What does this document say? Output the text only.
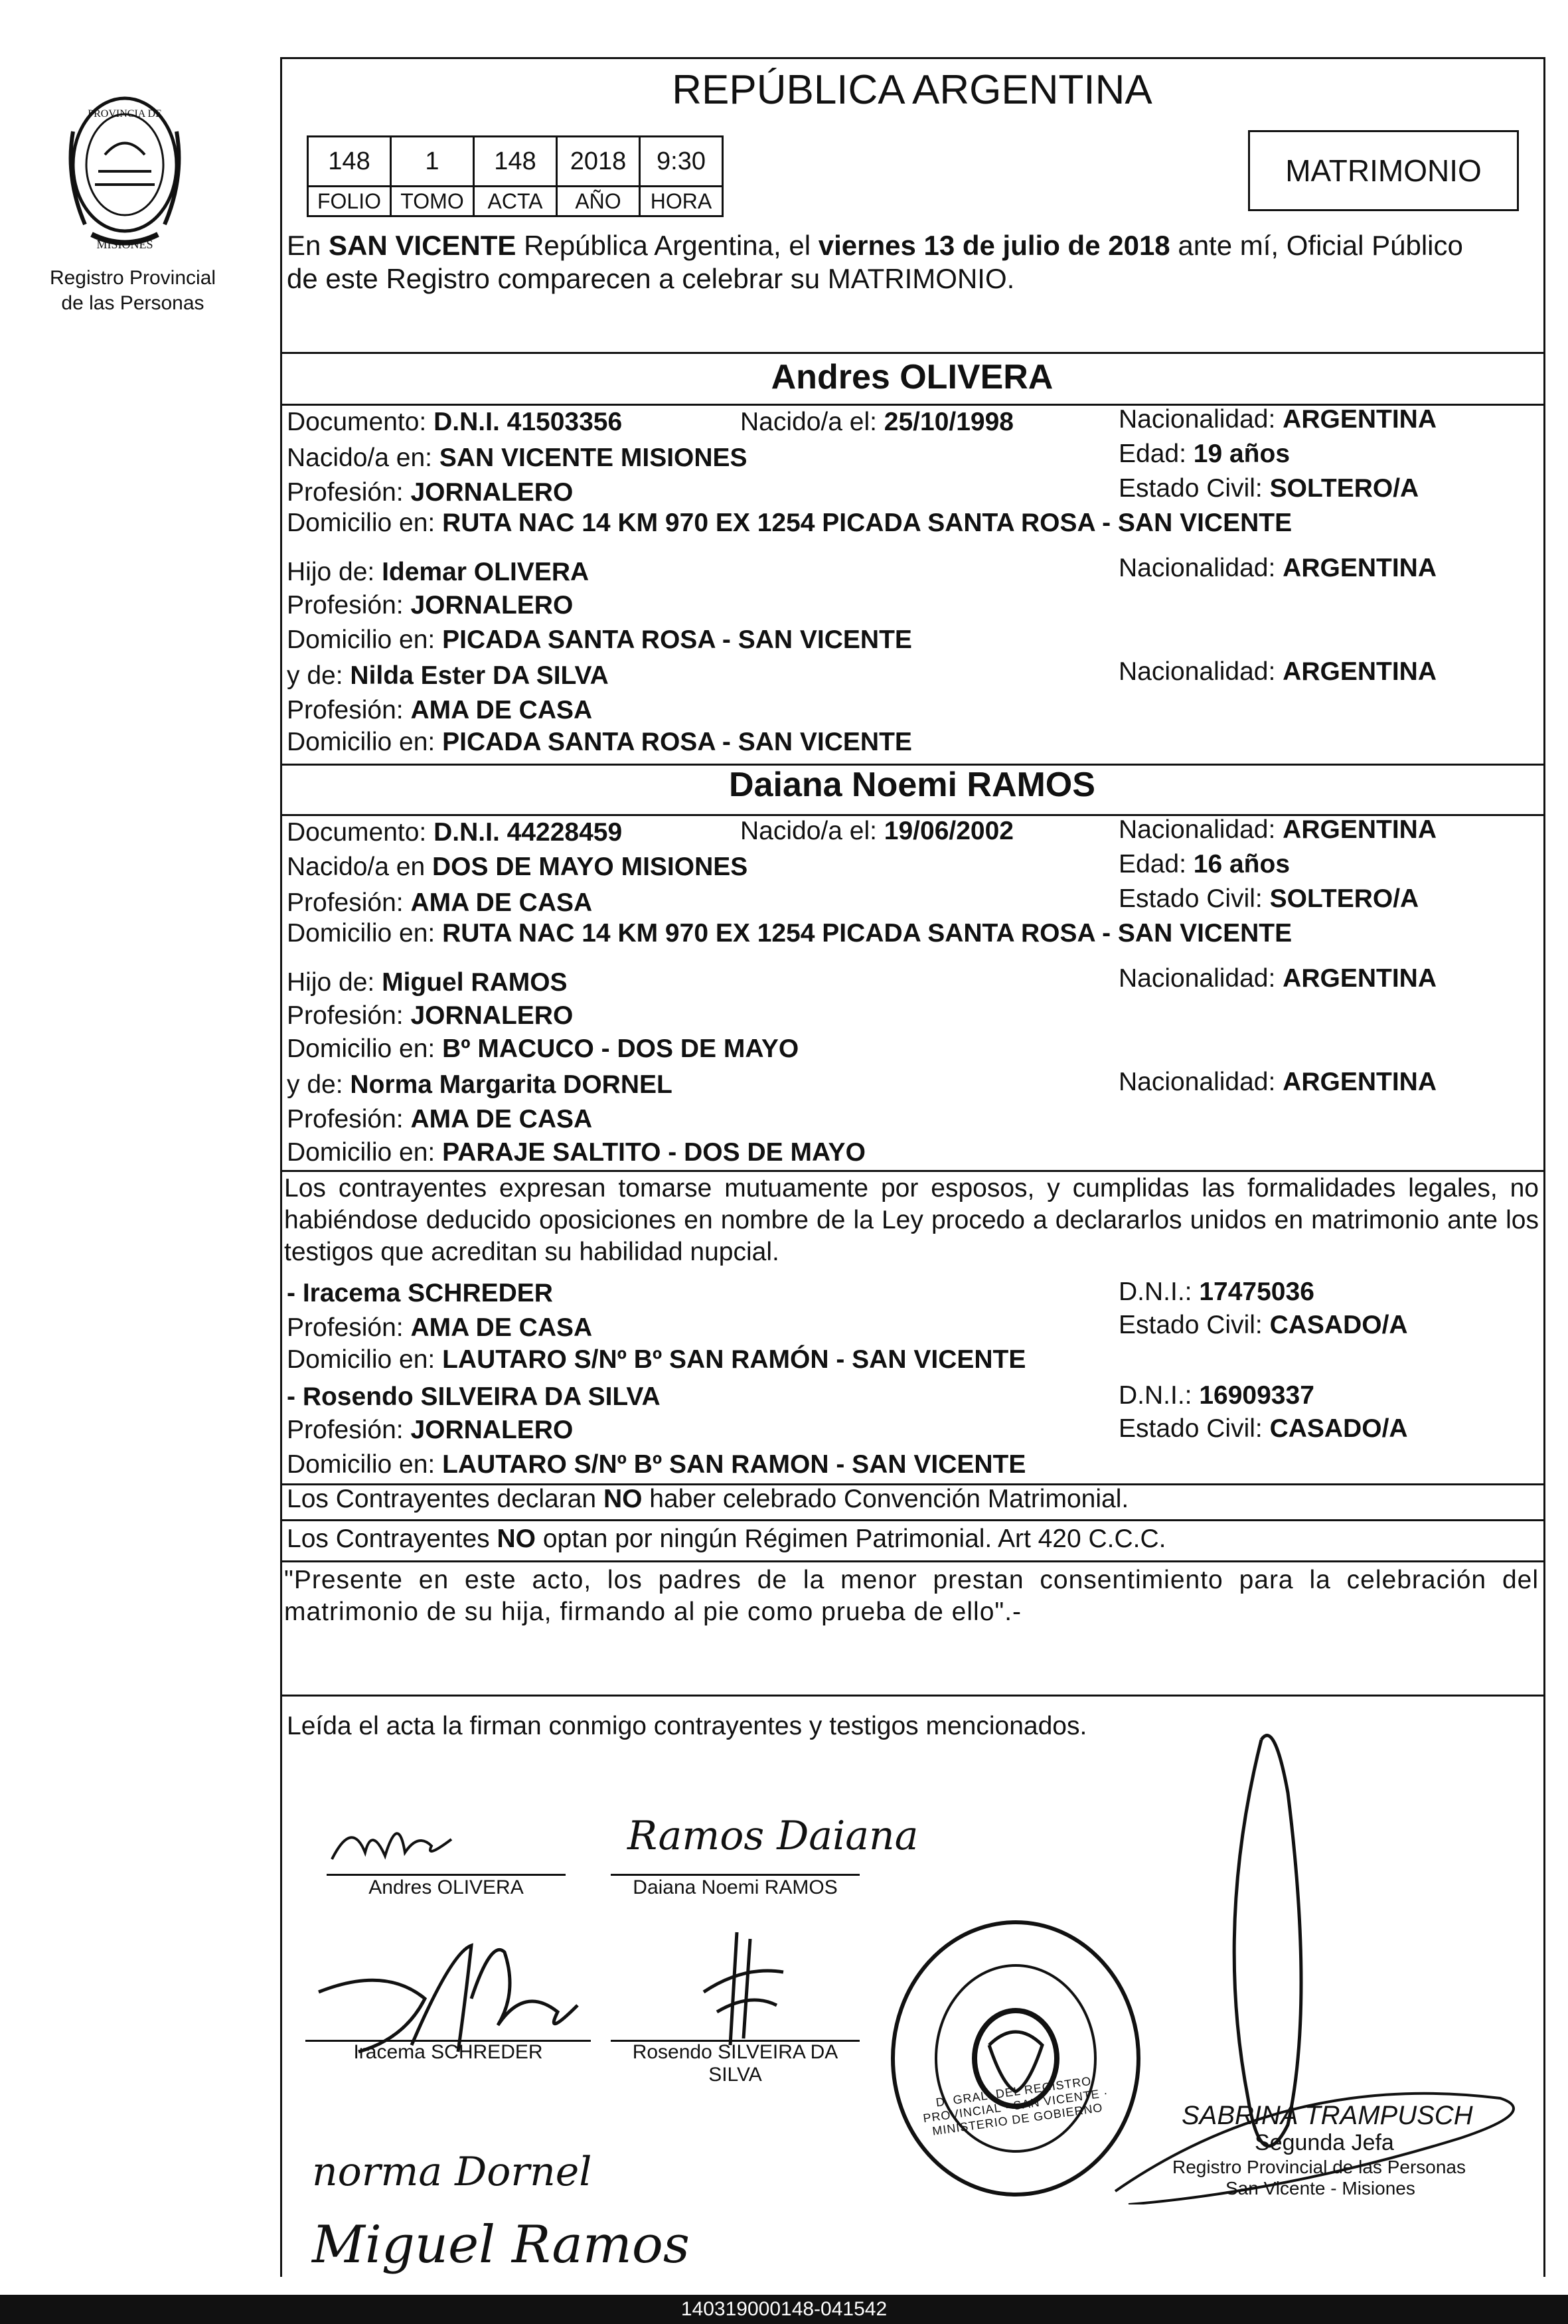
PROVINCIA DE
MISIONES
Registro Provincial
de las Personas
REPÚBLICA ARGENTINA
148	1	148	2018	9:30
FOLIO	TOMO	ACTA	AÑO	HORA
MATRIMONIO
En SAN VICENTE República Argentina, el viernes 13 de julio de 2018 ante mí, Oficial Público
de este Registro comparecen a celebrar su MATRIMONIO.
Andres OLIVERA
Documento: D.N.I. 41503356	Nacido/a el: 25/10/1998	Nacionalidad: ARGENTINA
Nacido/a en: SAN VICENTE MISIONES	Edad: 19 años
Profesión: JORNALERO	Estado Civil: SOLTERO/A
Domicilio en: RUTA NAC 14 KM 970 EX 1254 PICADA SANTA ROSA - SAN VICENTE
Hijo de: Idemar OLIVERA	Nacionalidad: ARGENTINA
Profesión: JORNALERO
Domicilio en: PICADA SANTA ROSA - SAN VICENTE
y de: Nilda Ester DA SILVA	Nacionalidad: ARGENTINA
Profesión: AMA DE CASA
Domicilio en: PICADA SANTA ROSA - SAN VICENTE
Daiana Noemi RAMOS
Documento: D.N.I. 44228459	Nacido/a el: 19/06/2002	Nacionalidad: ARGENTINA
Nacido/a en DOS DE MAYO MISIONES	Edad: 16 años
Profesión: AMA DE CASA	Estado Civil: SOLTERO/A
Domicilio en: RUTA NAC 14 KM 970 EX 1254 PICADA SANTA ROSA - SAN VICENTE
Hijo de: Miguel RAMOS	Nacionalidad: ARGENTINA
Profesión: JORNALERO
Domicilio en: Bº MACUCO - DOS DE MAYO
y de: Norma Margarita DORNEL	Nacionalidad: ARGENTINA
Profesión: AMA DE CASA
Domicilio en: PARAJE SALTITO - DOS DE MAYO
Los contrayentes expresan tomarse mutuamente por esposos, y cumplidas las formalidades legales, no habiéndose deducido oposiciones en nombre de la Ley procedo a declararlos unidos en matrimonio ante los testigos que acreditan su habilidad nupcial.
- Iracema SCHREDER	D.N.I.: 17475036
Profesión: AMA DE CASA	Estado Civil: CASADO/A
Domicilio en: LAUTARO S/Nº Bº SAN RAMÓN - SAN VICENTE
- Rosendo SILVEIRA DA SILVA	D.N.I.: 16909337
Profesión: JORNALERO	Estado Civil: CASADO/A
Domicilio en: LAUTARO S/Nº Bº SAN RAMON - SAN VICENTE
Los Contrayentes declaran NO haber celebrado Convención Matrimonial.
Los Contrayentes NO optan por ningún Régimen Patrimonial. Art 420 C.C.C.
"Presente en este acto, los padres de la menor prestan consentimiento para la celebración del matrimonio de su hija, firmando al pie como prueba de ello".-
Leída el acta la firman conmigo contrayentes y testigos mencionados.
Andres OLIVERA
Ramos Daiana
Daiana Noemi RAMOS
Iracema SCHREDER	Rosendo SILVEIRA DA
SILVA
norma Dornel
Miguel Ramos
D. GRAL. DEL REGISTRO PROVINCIAL · SAN VICENTE · MINISTERIO DE GOBIERNO	SABRINA TRAMPUSCH
Segunda Jefa
Registro Provincial de las Personas
San Vicente - Misiones
140319000148-041542
